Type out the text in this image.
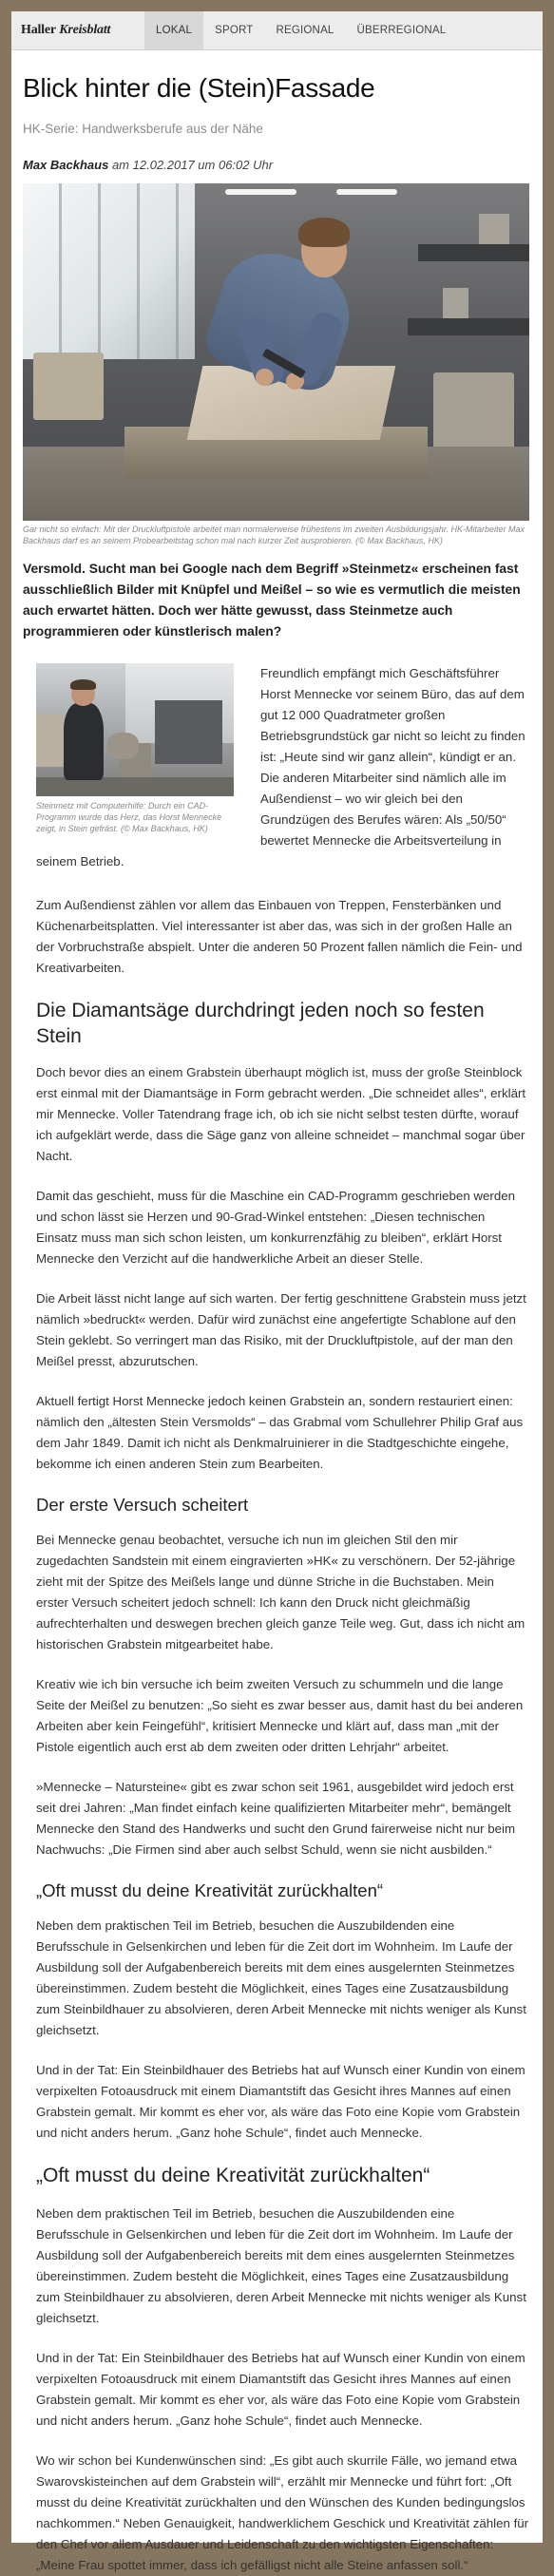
Haller
Kreisblatt	LOKAL	SPORT	REGIONAL	ÜBERREGIONAL
Blick hinter die (Stein)Fassade
HK-Serie: Handwerksberufe aus der Nähe
Max Backhaus am 12.02.2017 um 06:02 Uhr
Gar nicht so einfach: Mit der Druckluftpistole arbeitet man normalerweise frühestens im zweiten Ausbildungsjahr. HK-Mitarbeiter Max Backhaus darf es an seinem Probearbeitstag schon mal nach kurzer Zeit ausprobieren. (© Max Backhaus, HK)

Versmold. Sucht man bei Google nach dem Begriff »Steinmetz« erscheinen fast ausschließlich Bilder mit Knüpfel und Meißel – so wie es vermutlich die meisten auch erwartet hätten. Doch wer hätte gewusst, dass Steinmetze auch programmieren oder künstlerisch malen?

Steinmetz mit Computerhilfe: Durch ein CAD-Programm wurde das Herz, das Horst Mennecke zeigt, in Stein gefräst. (© Max Backhaus, HK)

Freundlich empfängt mich Geschäftsführer Horst Mennecke vor seinem Büro, das auf dem gut 12 000 Quadratmeter großen Betriebsgrundstück gar nicht so leicht zu finden ist: „Heute sind wir ganz allein“, kündigt er an. Die anderen Mitarbeiter sind nämlich alle im Außendienst – wo wir gleich bei den Grundzügen des Berufes wären: Als „50/50“ bewertet Mennecke die Arbeitsverteilung in seinem Betrieb.

Zum Außendienst zählen vor allem das Einbauen von Treppen, Fensterbänken und Küchenarbeitsplatten. Viel interessanter ist aber das, was sich in der großen Halle an der Vorbruchstraße abspielt. Unter die anderen 50 Prozent fallen nämlich die Fein- und Kreativarbeiten.

Die Diamantsäge durchdringt jeden noch so festen Stein

Doch bevor dies an einem Grabstein überhaupt möglich ist, muss der große Steinblock erst einmal mit der Diamantsäge in Form gebracht werden. „Die schneidet alles“, erklärt mir Mennecke. Voller Tatendrang frage ich, ob ich sie nicht selbst testen dürfte, worauf ich aufgeklärt werde, dass die Säge ganz von alleine schneidet – manchmal sogar über Nacht.

Damit das geschieht, muss für die Maschine ein CAD-Programm geschrieben werden und schon lässt sie Herzen und 90-Grad-Winkel entstehen: „Diesen technischen Einsatz muss man sich schon leisten, um konkurrenzfähig zu bleiben“, erklärt Horst Mennecke den Verzicht auf die handwerkliche Arbeit an dieser Stelle.

Die Arbeit lässt nicht lange auf sich warten. Der fertig geschnittene Grabstein muss jetzt nämlich »bedruckt« werden. Dafür wird zunächst eine angefertigte Schablone auf den Stein geklebt. So verringert man das Risiko, mit der Druckluftpistole, auf der man den Meißel presst, abzurutschen.

Aktuell fertigt Horst Mennecke jedoch keinen Grabstein an, sondern restauriert einen: nämlich den „ältesten Stein Versmolds“ – das Grabmal vom Schullehrer Philip Graf aus dem Jahr 1849. Damit ich nicht als Denkmalruinierer in die Stadtgeschichte eingehe, bekomme ich einen anderen Stein zum Bearbeiten.

Der erste Versuch scheitert

Bei Mennecke genau beobachtet, versuche ich nun im gleichen Stil den mir zugedachten Sandstein mit einem eingravierten »HK« zu verschönern. Der 52-jährige zieht mit der Spitze des Meißels lange und dünne Striche in die Buchstaben. Mein erster Versuch scheitert jedoch schnell: Ich kann den Druck nicht gleichmäßig aufrechterhalten und deswegen brechen gleich ganze Teile weg. Gut, dass ich nicht am historischen Grabstein mitgearbeitet habe.

Kreativ wie ich bin versuche ich beim zweiten Versuch zu schummeln und die lange Seite der Meißel zu benutzen: „So sieht es zwar besser aus, damit hast du bei anderen Arbeiten aber kein Feingefühl“, kritisiert Mennecke und klärt auf, dass man „mit der Pistole eigentlich auch erst ab dem zweiten oder dritten Lehrjahr“ arbeitet.

»Mennecke – Natursteine« gibt es zwar schon seit 1961, ausgebildet wird jedoch erst seit drei Jahren: „Man findet einfach keine qualifizierten Mitarbeiter mehr“, bemängelt Mennecke den Stand des Handwerks und sucht den Grund fairerweise nicht nur beim Nachwuchs: „Die Firmen sind aber auch selbst Schuld, wenn sie nicht ausbilden.“

„Oft musst du deine Kreativität zurückhalten“

Neben dem praktischen Teil im Betrieb, besuchen die Auszubildenden eine Berufsschule in Gelsenkirchen und leben für die Zeit dort im Wohnheim. Im Laufe der Ausbildung soll der Aufgabenbereich bereits mit dem eines ausgelernten Steinmetzes übereinstimmen. Zudem besteht die Möglichkeit, eines Tages eine Zusatzausbildung zum Steinbildhauer zu absolvieren, deren Arbeit Mennecke mit nichts weniger als Kunst gleichsetzt.

Und in der Tat: Ein Steinbildhauer des Betriebs hat auf Wunsch einer Kundin von einem verpixelten Fotoausdruck mit einem Diamantstift das Gesicht ihres Mannes auf einen Grabstein gemalt. Mir kommt es eher vor, als wäre das Foto eine Kopie vom Grabstein und nicht anders herum. „Ganz hohe Schule“, findet auch Mennecke.

„Oft musst du deine Kreativität zurückhalten“

Neben dem praktischen Teil im Betrieb, besuchen die Auszubildenden eine Berufsschule in Gelsenkirchen und leben für die Zeit dort im Wohnheim. Im Laufe der Ausbildung soll der Aufgabenbereich bereits mit dem eines ausgelernten Steinmetzes übereinstimmen. Zudem besteht die Möglichkeit, eines Tages eine Zusatzausbildung zum Steinbildhauer zu absolvieren, deren Arbeit Mennecke mit nichts weniger als Kunst gleichsetzt.

Und in der Tat: Ein Steinbildhauer des Betriebs hat auf Wunsch einer Kundin von einem verpixelten Fotoausdruck mit einem Diamantstift das Gesicht ihres Mannes auf einen Grabstein gemalt. Mir kommt es eher vor, als wäre das Foto eine Kopie vom Grabstein und nicht anders herum. „Ganz hohe Schule“, findet auch Mennecke.

Wo wir schon bei Kundenwünschen sind: „Es gibt auch skurrile Fälle, wo jemand etwa Swarovskisteinchen auf dem Grabstein will“, erzählt mir Mennecke und führt fort: „Oft musst du deine Kreativität zurückhalten und den Wünschen des Kunden bedingungslos nachkommen.“ Neben Genauigkeit, handwerklichem Geschick und Kreativität zählen für den Chef vor allem Ausdauer und Leidenschaft zu den wichtigsten Eigenschaften: „Meine Frau spottet immer, dass ich gefälligst nicht alle Steine anfassen soll.“
